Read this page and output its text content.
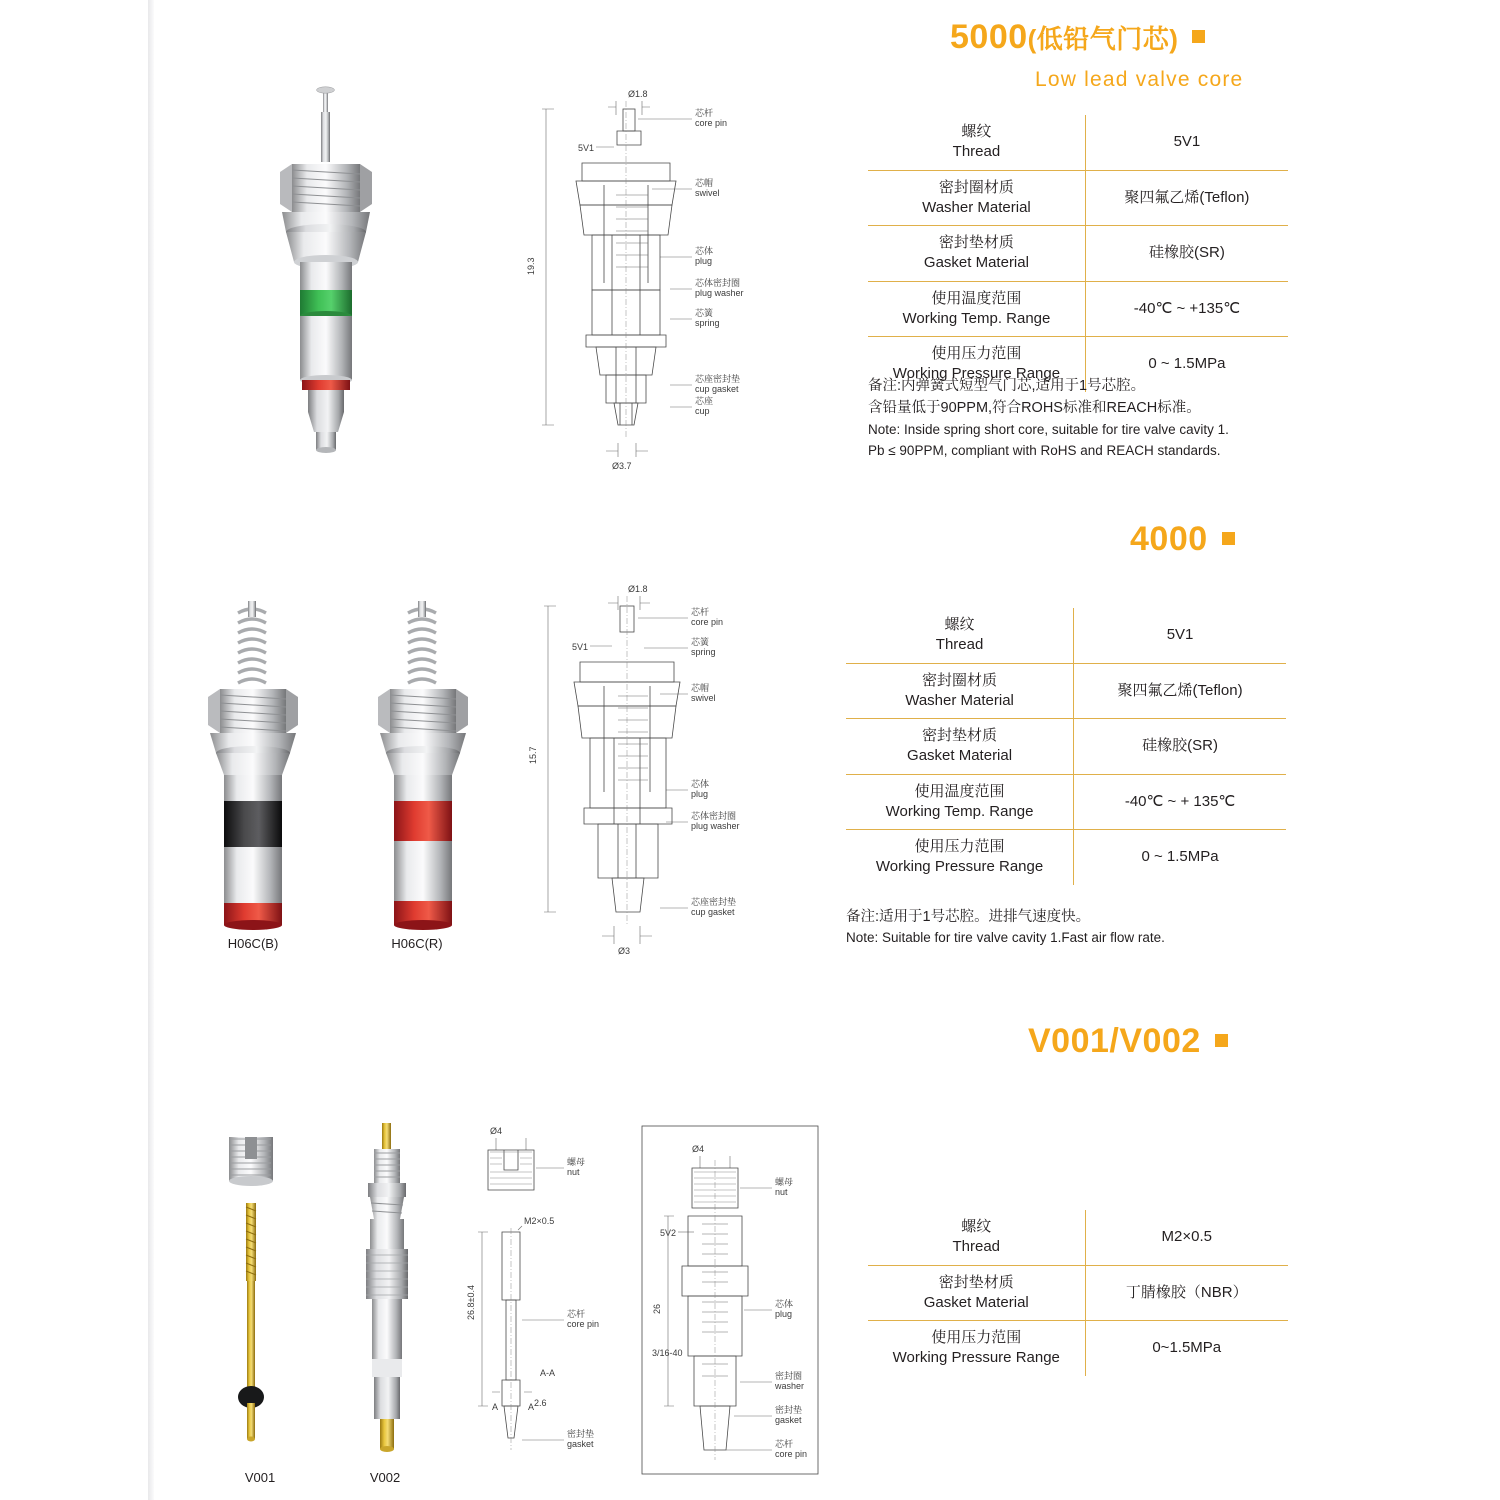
5000(低铅气门芯)
Low lead valve core
Ø1.8
芯杆
core pin
芯帽
swivel
芯体
plug
芯体密封圈
plug washer
芯簧
spring
芯座密封垫
cup gasket
芯座
cup
5V1
19.3
Ø3.7
螺纹
Thread	5V1
密封圈材质
Washer Material	聚四氟乙烯(Teflon)
密封垫材质
Gasket Material	硅橡胶(SR)
使用温度范围
Working Temp. Range	-40℃ ~ +135℃
使用压力范围
Working Pressure Range	0 ~ 1.5MPa
备注:内弹簧式短型气门芯,适用于1号芯腔。
含铅量低于90PPM,符合ROHS标准和REACH标准。
Note: Inside spring short core, suitable for tire valve cavity 1.
Pb ≤ 90PPM, compliant with RoHS and REACH standards.
4000
H06C(B)	H06C(R)
Ø1.8
芯杆
core pin
芯簧
spring
芯帽
swivel
芯体
plug
芯体密封圈
plug washer
芯座密封垫
cup gasket
5V1
15.7
Ø3
螺纹
Thread	5V1
密封圈材质
Washer Material	聚四氟乙烯(Teflon)
密封垫材质
Gasket Material	硅橡胶(SR)
使用温度范围
Working Temp. Range	-40℃ ~ + 135℃
使用压力范围
Working Pressure Range	0 ~ 1.5MPa
备注:适用于1号芯腔。进排气速度快。
Note: Suitable for tire valve cavity 1.Fast air flow rate.
V001/V002
V001	V002
Ø4
螺母
nut
M2×0.5
26.8±0.4	芯杆
core pin
A-A
A	A 2.6
密封垫
gasket
Ø4
螺母
nut
5V2
26
3/16-40
芯体
plug
密封圈
washer
密封垫
gasket
芯杆
core pin
螺纹
Thread	M2×0.5
密封垫材质
Gasket Material	丁腈橡胶（NBR）
使用压力范围
Working Pressure Range	0~1.5MPa
